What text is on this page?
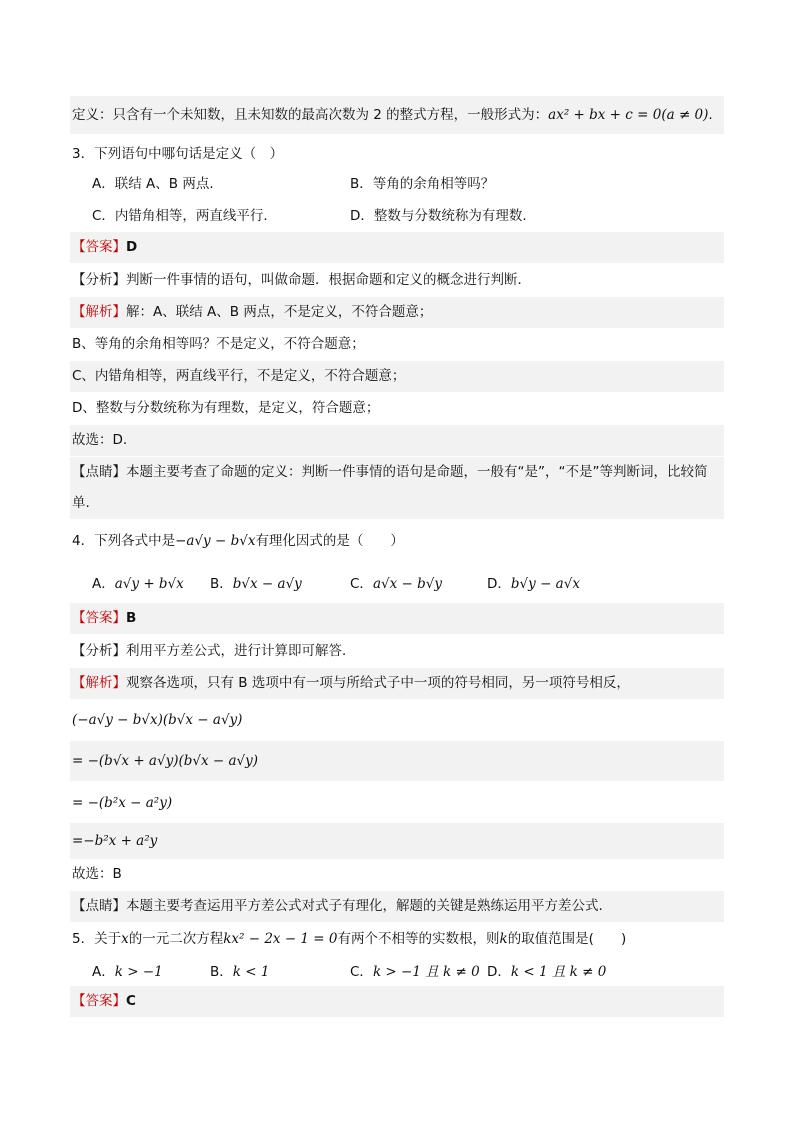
定义：只含有一个未知数，且未知数的最高次数为 2 的整式方程，一般形式为：ax² + bx + c = 0(a ≠ 0).
3．下列语句中哪句话是定义（　）
A．联结 A、B 两点.	B．等角的余角相等吗？
C．内错角相等，两直线平行.	D．整数与分数统称为有理数.
【答案】D
【分析】判断一件事情的语句，叫做命题．根据命题和定义的概念进行判断．
【解析】解：A、联结 A、B 两点，不是定义，不符合题意；
B、等角的余角相等吗？不是定义，不符合题意；
C、内错角相等，两直线平行，不是定义，不符合题意；
D、整数与分数统称为有理数，是定义，符合题意；
故选：D.
【点睛】本题主要考查了命题的定义：判断一件事情的语句是命题，一般有“是”，“不是”等判断词，比较简
单.
4．下列各式中是−a√y − b√x有理化因式的是（　　）
A．a√y + b√x B．b√x − a√y	C．a√x − b√y	D．b√y − a√x
【答案】B
【分析】利用平方差公式，进行计算即可解答．
【解析】观察各选项，只有 B 选项中有一项与所给式子中一项的符号相同，另一项符号相反，
(−a√y − b√x)(b√x − a√y)
= −(b√x + a√y)(b√x − a√y)
= −(b²x − a²y)
=−b²x + a²y
故选：B
【点睛】本题主要考查运用平方差公式对式子有理化，解题的关键是熟练运用平方差公式.
5．关于x的一元二次方程kx² − 2x − 1 = 0有两个不相等的实数根，则k的取值范围是(　　)
A．k > −1	B．k < 1	C．k > −1 且 k ≠ 0 D．k < 1 且 k ≠ 0
【答案】C
